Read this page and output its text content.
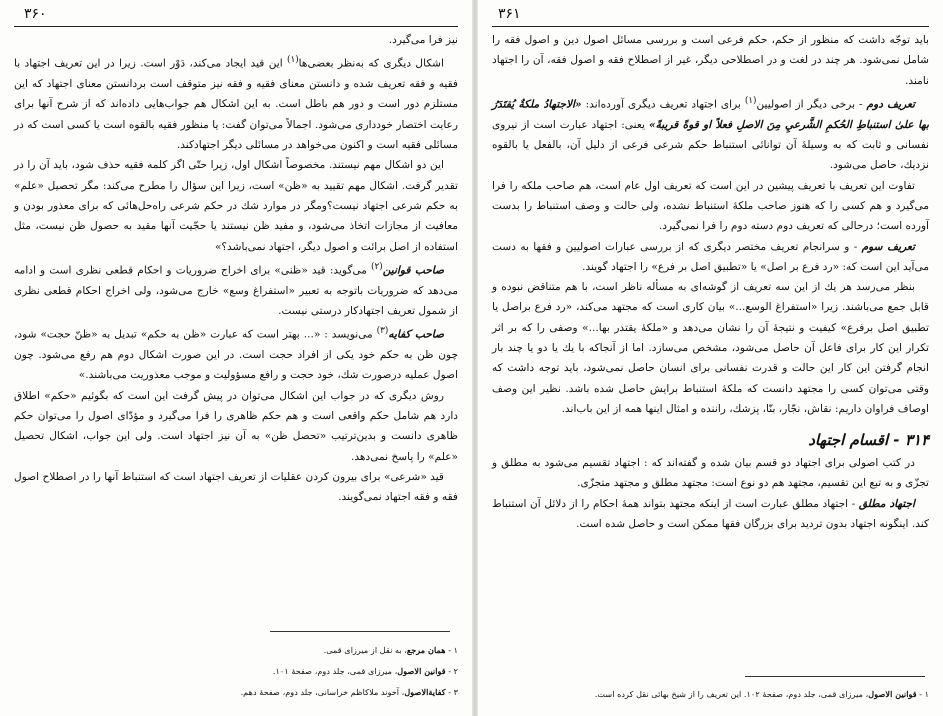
۳۶۰

نیز فرا می‌گیرد.

اشکال دیگری که به‌نظر بعضی‌ها$^{(۱)}$ این قید ایجاد می‌کند، دَوْر است. زیرا در این تعریف اجتهاد با فقیه و فقه تعریف شده و دانستن معنای فقیه و فقه نیز متوقف است بردانستن معنای اجتهاد که این مستلزم دور است و دور هم باطل است. به این اشکال هم جواب‌هایی داده‌اند که از شرح آنها برای رعایت اختصار خودداری می‌شود. اجمالاً می‌توان گفت: یا منظور فقیه بالقوه است یا کسی است که در مسائلی فقیه است و اکنون می‌خواهد در مسائلی دیگر اجتهادکند.

این دو اشکال مهم نیستند. مخصوصاً اشکال اول، زیرا حتّی اگر کلمه فقیه حذف شود، باید آن را در تقدیر گرفت. اشکال مهم تقیید به «ظن» است، زیرا این سؤال را مطرح می‌کند: مگر تحصیل «علم» به حکم شرعی اجتهاد نیست؟ومگر در موارد شك در حکم شرعی راه‌حل‌هائی که برای معذور بودن و معافیت از مجازات اتخاذ می‌شود، و مفید ظن نیستند یا حجّیت آنها مقید به حصول ظن نیست، مثل استفاده از اصل برائت و اصول دیگر، اجتهاد نمی‌باشد؟»

صاحب قوانین$^{(۲)}$ می‌گوید: قید «ظنی» برای اخراج ضروریات و احکام قطعی نظری است و ادامه می‌دهد که ضروریات باتوجه به تعبیر «استفراغ وسع» خارج می‌شود، ولی اخراج احکام قطعی نظری از شمول تعریف اجتهادکار درستی نیست.

صاحب کفایه$^{(۳)}$ می‌نویسد : «... بهتر است که عبارت «ظن به حکم» تبدیل به «ظنّ حجت» شود، چون ظن به حکم خود یکی از افراد حجت است. در این صورت اشکال دوم هم رفع می‌شود. چون اصول عملیه درصورت شك، خود حجت و رافع مسؤولیت و موجب معذوریت می‌باشند.»

روش دیگری که در جواب این اشکال می‌توان در پیش گرفت این است که بگوئیم «حکم» اطلاق دارد هم شامل حکم واقعی است و هم حکم ظاهری را فرا می‌گیرد و مؤدّای اصول را می‌توان حکم ظاهری دانست و بدین‌ترتیب «تحصل ظن» به آن نیز اجتهاد است. ولی این جواب، اشکال تحصیل «علم» را پاسخ نمی‌دهد.

قید «شرعی» برای بیرون کردن عقلیات از تعریف اجتهاد است که استنباط آنها را در اصطلاح اصول فقه و فقه اجتهاد نمی‌گویند.

۱ - همان مرجع، به نقل از میرزای قمی.
۲ - قوانین الاصول، میرزای قمی، جلد دوم، صفحهٔ ۱۰۱.
۳ - کفایة‌الاصول، آخوند ملاکاظم خراسانی، جلد دوم، صفحهٔ دهم.
۳۶۱

باید توجّه داشت که منظور از حکم، حکم فرعی است و بررسی مسائل اصول دین و اصول فقه را شامل نمی‌شود. هر چند در لغت و در اصطلاحی دیگر، غیر از اصطلاح فقه و اصول فقه، آن را اجتهاد نامند.

تعریف دوم - برخی دیگر از اصولیین$^{(۱)}$ برای اجتهاد تعریف دیگری آورده‌اند: «الاجتهادُ ملكةٌ يُقتَدَرُ بها علىٰ استنباطِ الحُكمِ الشَّرعيِ مِنَ الاصلِ فعلاً او قوةً قريبةً» یعنی: اجتهاد عبارت است از نیروی نفسانی و ثابت که به وسیلهٔ آن توانائی استنباط حکم شرعی فرعی از دلیل آن، بالفعل یا بالقوه نزدیك، حاصل می‌شود.

تفاوت این تعریف با تعریف پیشین در این است که تعریف اول عام است، هم صاحب ملکه را فرا می‌گیرد و هم کسی را که هنوز صاحب ملکهٔ استنباط نشده، ولی حالت و وصف استنباط را بدست آورده است؛ درحالی که تعریف دوم دسته دوم را فرا نمی‌گیرد.

تعریف سوم - و سرانجام تعریف مختصر دیگری که از بررسی عبارات اصولیین و فقها به دست می‌آید این است که: «رد فرع بر اصل» یا «تطبیق اصل بر فرع» را اجتهاد گویند.

بنظر می‌رسد هر یك از این سه تعریف از گوشه‌ای به مسأله ناظر است، با هم متناقض نبوده و قابل جمع می‌باشند. زیرا «استفراغ الوسع...» بیان کاری است که مجتهد می‌کند، «رد فرع براصل یا تطبیق اصل برفرع» کیفیت و نتیجهٔ آن را نشان می‌دهد و «ملکهٔ یقتدر بها...» وصفی را که بر اثر تکرار این کار برای فاعل آن حاصل می‌شود، مشخص می‌سازد. اما از آنجاکه با یك یا دو یا چند بار انجام گرفتن این کار این حالت و قدرت نفسانی برای انسان حاصل نمی‌شود، باید توجه داشت که وقتی می‌توان کسی را مجتهد دانست که ملکهٔ استنباط برایش حاصل شده باشد. نظیر این وصف اوصاف فراوان داریم: نقاش، نجّار، بنّا، پزشك، راننده و امثال اینها همه از این باب‌اند.

۳۱۴ - اقسام اجتهاد

در کتب اصولی برای اجتهاد دو قسم بیان شده و گفته‌اند که : اجتهاد تقسیم می‌شود به مطلق و تجزّی و به تبع این تقسیم، مجتهد هم دو نوع است: مجتهد مطلق و مجتهد متجزّی.

اجتهاد مطلق - اجتهاد مطلق عبارت است از اینکه مجتهد بتواند همهٔ احکام را از دلائل آن استنباط کند. اینگونه اجتهاد بدون تردید برای بزرگان فقها ممکن است و حاصل شده است.

۱ - قوانین الاصول، میرزای قمی، جلد دوم، صفحهٔ ۱۰۲. این تعریف را از شیخ بهائی نقل کرده است.
